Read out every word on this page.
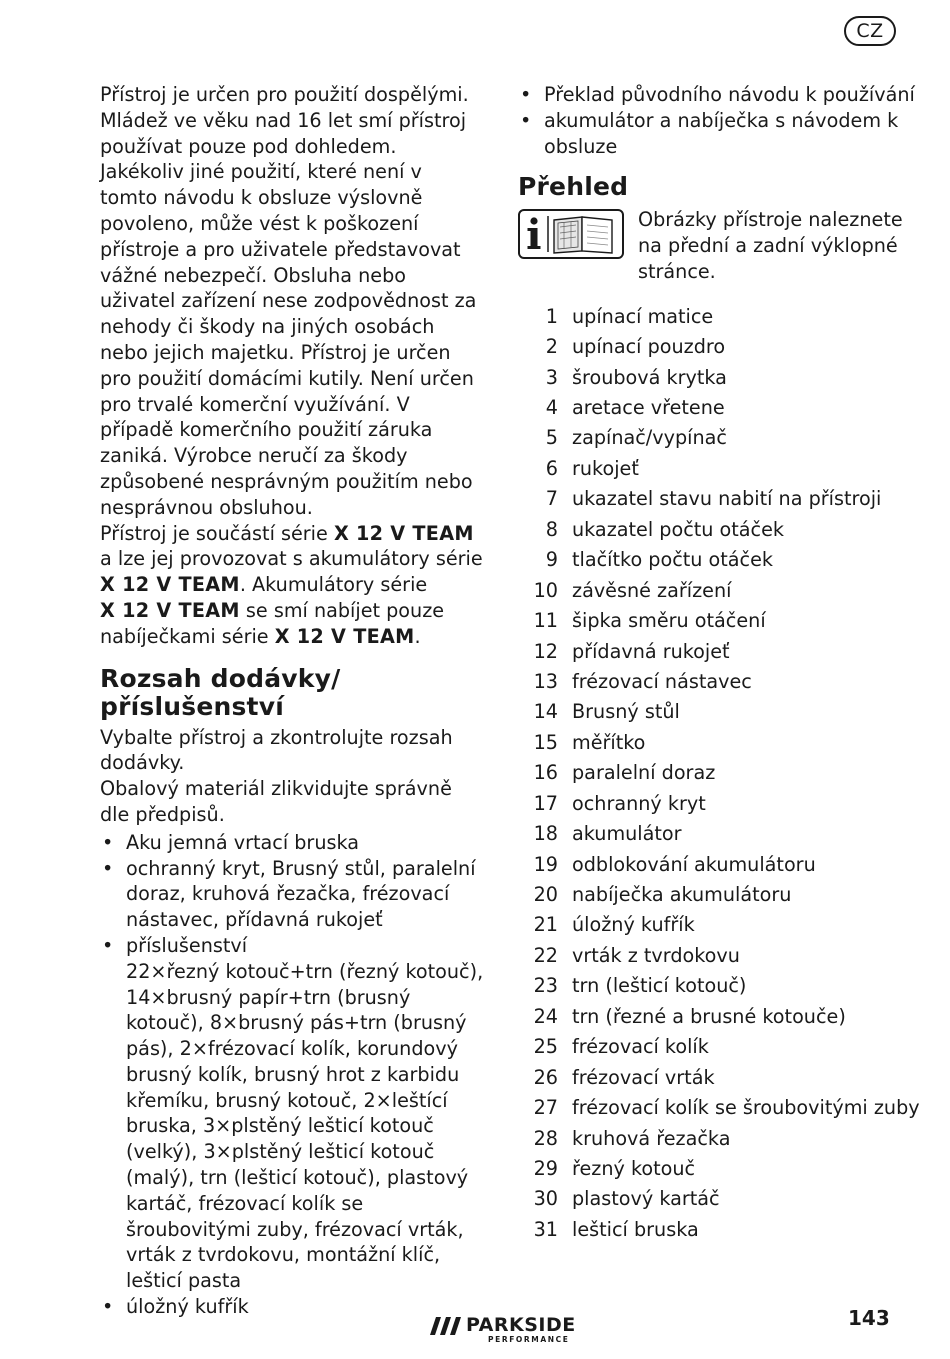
CZ

Přístroj je určen pro použití dospělými. Mládež ve věku nad 16 let smí přístroj používat pouze pod dohledem.

Jakékoliv jiné použití, které není v tomto návodu k obsluze výslovně povoleno, může vést k poškození přístroje a pro uživatele představovat vážné nebezpečí. Obsluha nebo uživatel zařízení nese zodpovědnost za nehody či škody na jiných osobách nebo jejich majetku. Přístroj je určen pro použití domácími kutily. Není určen pro trvalé komerční využívání. V případě komerčního použití záruka zaniká. Výrobce neručí za škody způsobené nesprávným použitím nebo nesprávnou obsluhou.

Přístroj je součástí série X 12 V TEAM a lze jej provozovat s akumulátory série X 12 V TEAM. Akumulátory série
X 12 V TEAM se smí nabíjet pouze nabíječkami série X 12 V TEAM.

Rozsah dodávky/
příslušenství

Vybalte přístroj a zkontrolujte rozsah dodávky.

Obalový materiál zlikvidujte správně dle předpisů.

• Aku jemná vrtací bruska
• ochranný kryt, Brusný stůl, paralelní doraz, kruhová řezačka, frézovací nástavec, přídavná rukojeť
• příslušenství
22×řezný kotouč+trn (řezný kotouč), 14×brusný papír+trn (brusný kotouč), 8×brusný pás+trn (brusný pás), 2×frézovací kolík, korundový brusný kolík, brusný hrot z karbidu křemíku, brusný kotouč, 2×leštící bruska, 3×plstěný lešticí kotouč (velký), 3×plstěný lešticí kotouč (malý), trn (lešticí kotouč), plastový kartáč, frézovací kolík se šroubovitými zuby, frézovací vrták, vrták z tvrdokovu, montážní klíč, lešticí pasta
• úložný kufřík
• Překlad původního návodu k používání
• akumulátor a nabíječka s návodem k obsluze
Přehled

Obrázky přístroje naleznete na přední a zadní výklopné stránce.

1 upínací matice
2 upínací pouzdro
3 šroubová krytka
4 aretace vřetene
5 zapínač/vypínač
6 rukojeť
7 ukazatel stavu nabití na přístroji
8 ukazatel počtu otáček
9 tlačítko počtu otáček
10 závěsné zařízení
11 šipka směru otáčení
12 přídavná rukojeť
13 frézovací nástavec
14 Brusný stůl
15 měřítko
16 paralelní doraz
17 ochranný kryt
18 akumulátor
19 odblokování akumulátoru
20 nabíječka akumulátoru
21 úložný kufřík
22 vrták z tvrdokovu
23 trn (lešticí kotouč)
24 trn (řezné a brusné kotouče)
25 frézovací kolík
26 frézovací vrták
27 frézovací kolík se šroubovitými zuby
28 kruhová řezačka
29 řezný kotouč
30 plastový kartáč
31 lešticí bruska
PARKSIDE
PERFORMANCE
143
